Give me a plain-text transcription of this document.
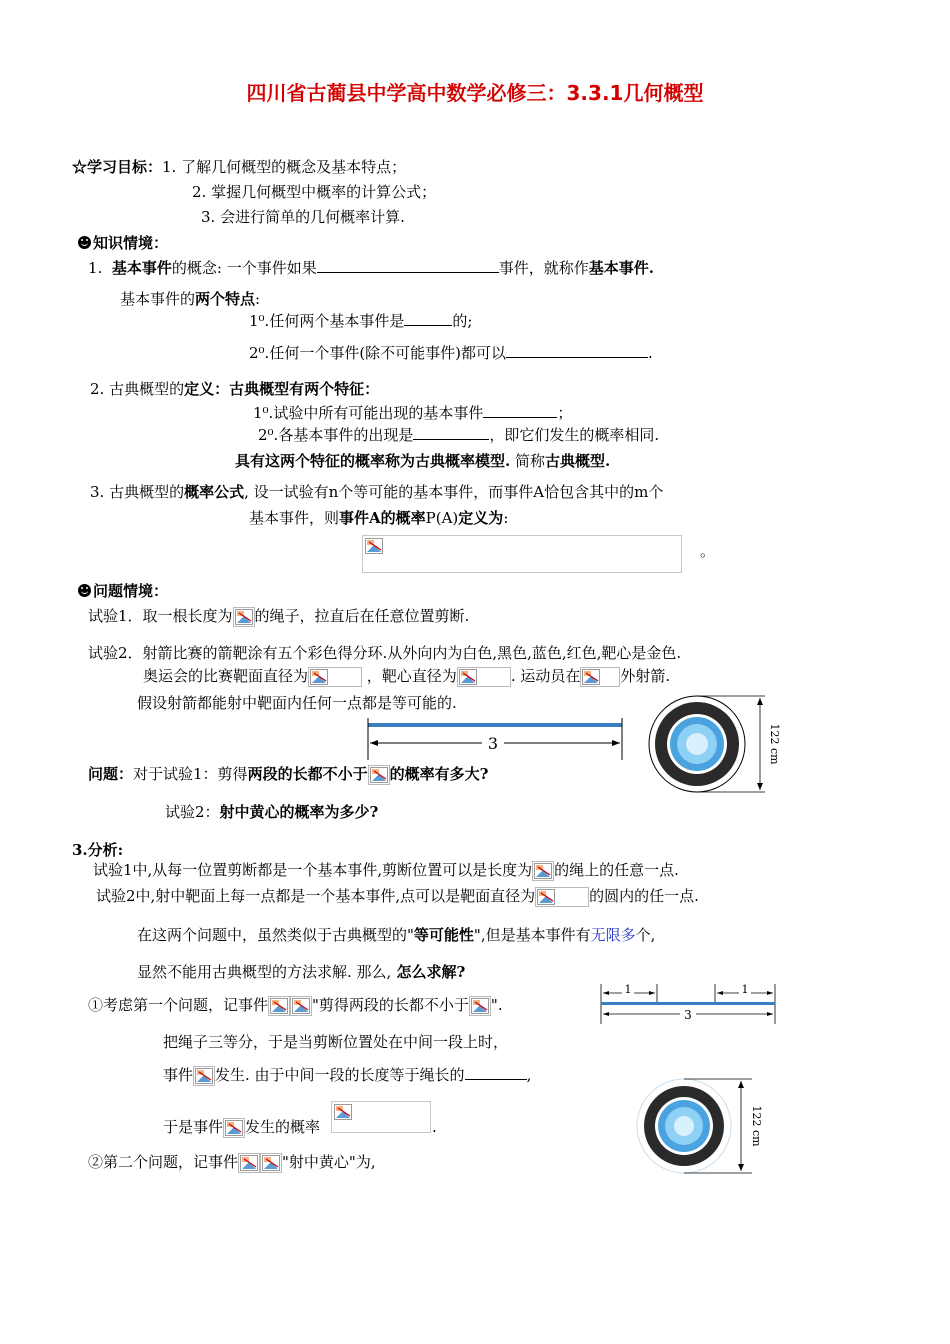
四川省古蔺县中学高中数学必修三：3.3.1几何概型
☆学习目标：1. 了解几何概型的概念及基本特点；
2. 掌握几何概型中概率的计算公式；
3. 会进行简单的几何概率计算.
知识情境：
1. 基本事件的概念: 一个事件如果	事件，就称作基本事件.
基本事件的两个特点:
1⁰.任何两个基本事件是	的;
2⁰.任何一个事件(除不可能事件)都可以	.
2. 古典概型的定义：古典概型有两个特征：
1⁰.试验中所有可能出现的基本事件	；
2⁰.各基本事件的出现是	，即它们发生的概率相同.
具有这两个特征的概率称为古典概率模型. 简称古典概型.
3. 古典概型的概率公式, 设一试验有n个等可能的基本事件，而事件A恰包含其中的m个
基本事件，则事件A的概率P(A)定义为:
。
问题情境：
试验1．取一根长度为 的绳子，拉直后在任意位置剪断.
试验2．射箭比赛的箭靶涂有五个彩色得分环.从外向内为白色,黑色,蓝色,红色,靶心是金色.
奥运会的比赛靶面直径为	，靶心直径为	. 运动员在	外射箭.
假设射箭都能射中靶面内任何一点都是等可能的.
3	122 cm
问题：对于试验1：剪得两段的长都不小于 的概率有多大?
试验2：射中黄心的概率为多少?
3.分析:
试验1中,从每一位置剪断都是一个基本事件,剪断位置可以是长度为 的绳上的任意一点.
试验2中,射中靶面上每一点都是一个基本事件,点可以是靶面直径为	的圆内的任一点.
在这两个问题中，虽然类似于古典概型的"等可能性",但是基本事件有无限多个,
显然不能用古典概型的方法求解. 那么, 怎么求解?
①考虑第一个问题，记事件	"剪得两段的长都不小于 ".
1	1
3
把绳子三等分，于是当剪断位置处在中间一段上时，
事件 发生. 由于中间一段的长度等于绳长的	,
于是事件 发生的概率	.
②第二个问题，记事件	"射中黄心"为,
122 cm
